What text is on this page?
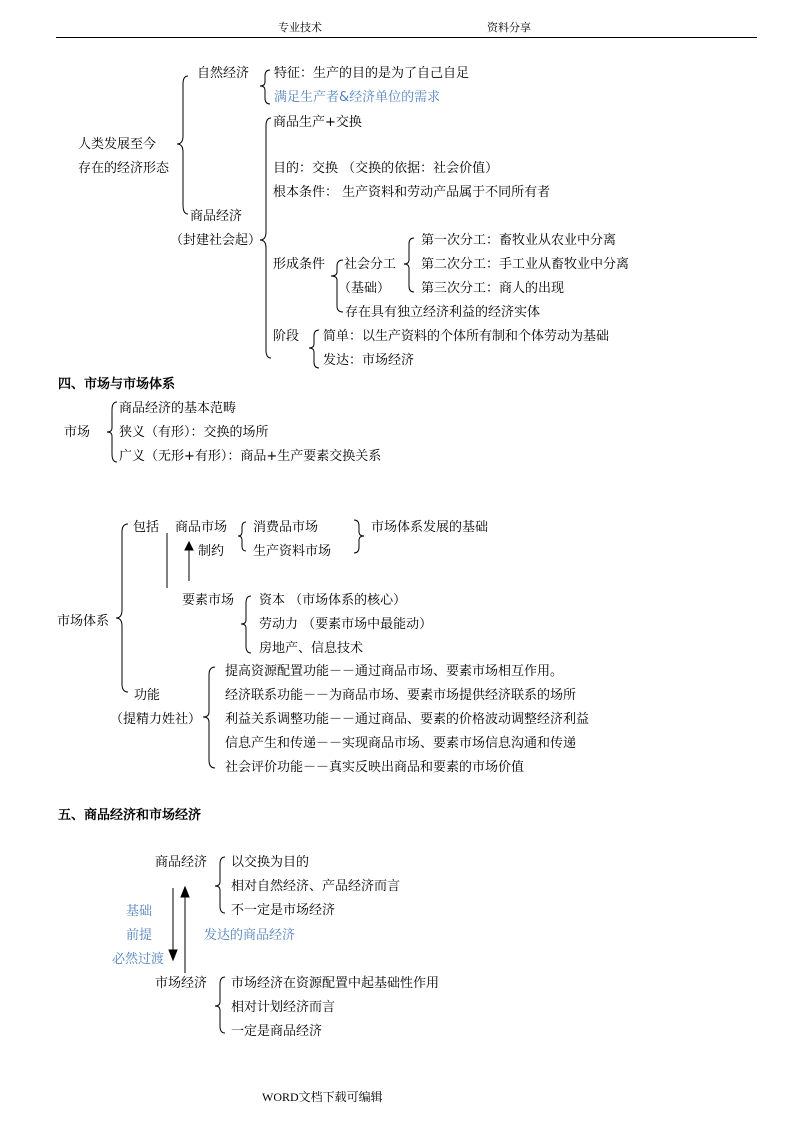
专业技术	资料分享
人类发展至今
存在的经济形态
自然经济 特征：生产的目的是为了自己自足
满足生产者&经济单位的需求
商品生产+交换
目的：交换 （交换的依据：社会价值）
根本条件： 生产资料和劳动产品属于不同所有者
商品经济
（封建社会起）
形成条件 社会分工
（基础）
第一次分工：畜牧业从农业中分离
第二次分工：手工业从畜牧业中分离
第三次分工：商人的出现
存在具有独立经济利益的经济实体
阶段 简单：以生产资料的个体所有制和个体劳动为基础
发达：市场经济
四、市场与市场体系
市场
商品经济的基本范畴
狭义（有形）：交换的场所
广义（无形+有形）：商品+生产要素交换关系
市场体系
包括 商品市场
制约
消费品市场
生产资料市场
市场体系发展的基础
要素市场 资本 （市场体系的核心）
劳动力 （要素市场中最能动）
房地产、信息技术
功能
（提精力姓社）
提高资源配置功能－－通过商品市场、要素市场相互作用。
经济联系功能－－为商品市场、要素市场提供经济联系的场所
利益关系调整功能－－通过商品、要素的价格波动调整经济利益
信息产生和传递－－实现商品市场、要素市场信息沟通和传递
社会评价功能－－真实反映出商品和要素的市场价值
五、商品经济和市场经济
商品经济 以交换为目的
相对自然经济、产品经济而言
不一定是市场经济
基础
前提
必然过渡
发达的商品经济
市场经济 市场经济在资源配置中起基础性作用
相对计划经济而言
一定是商品经济
WORD文档下载可编辑
